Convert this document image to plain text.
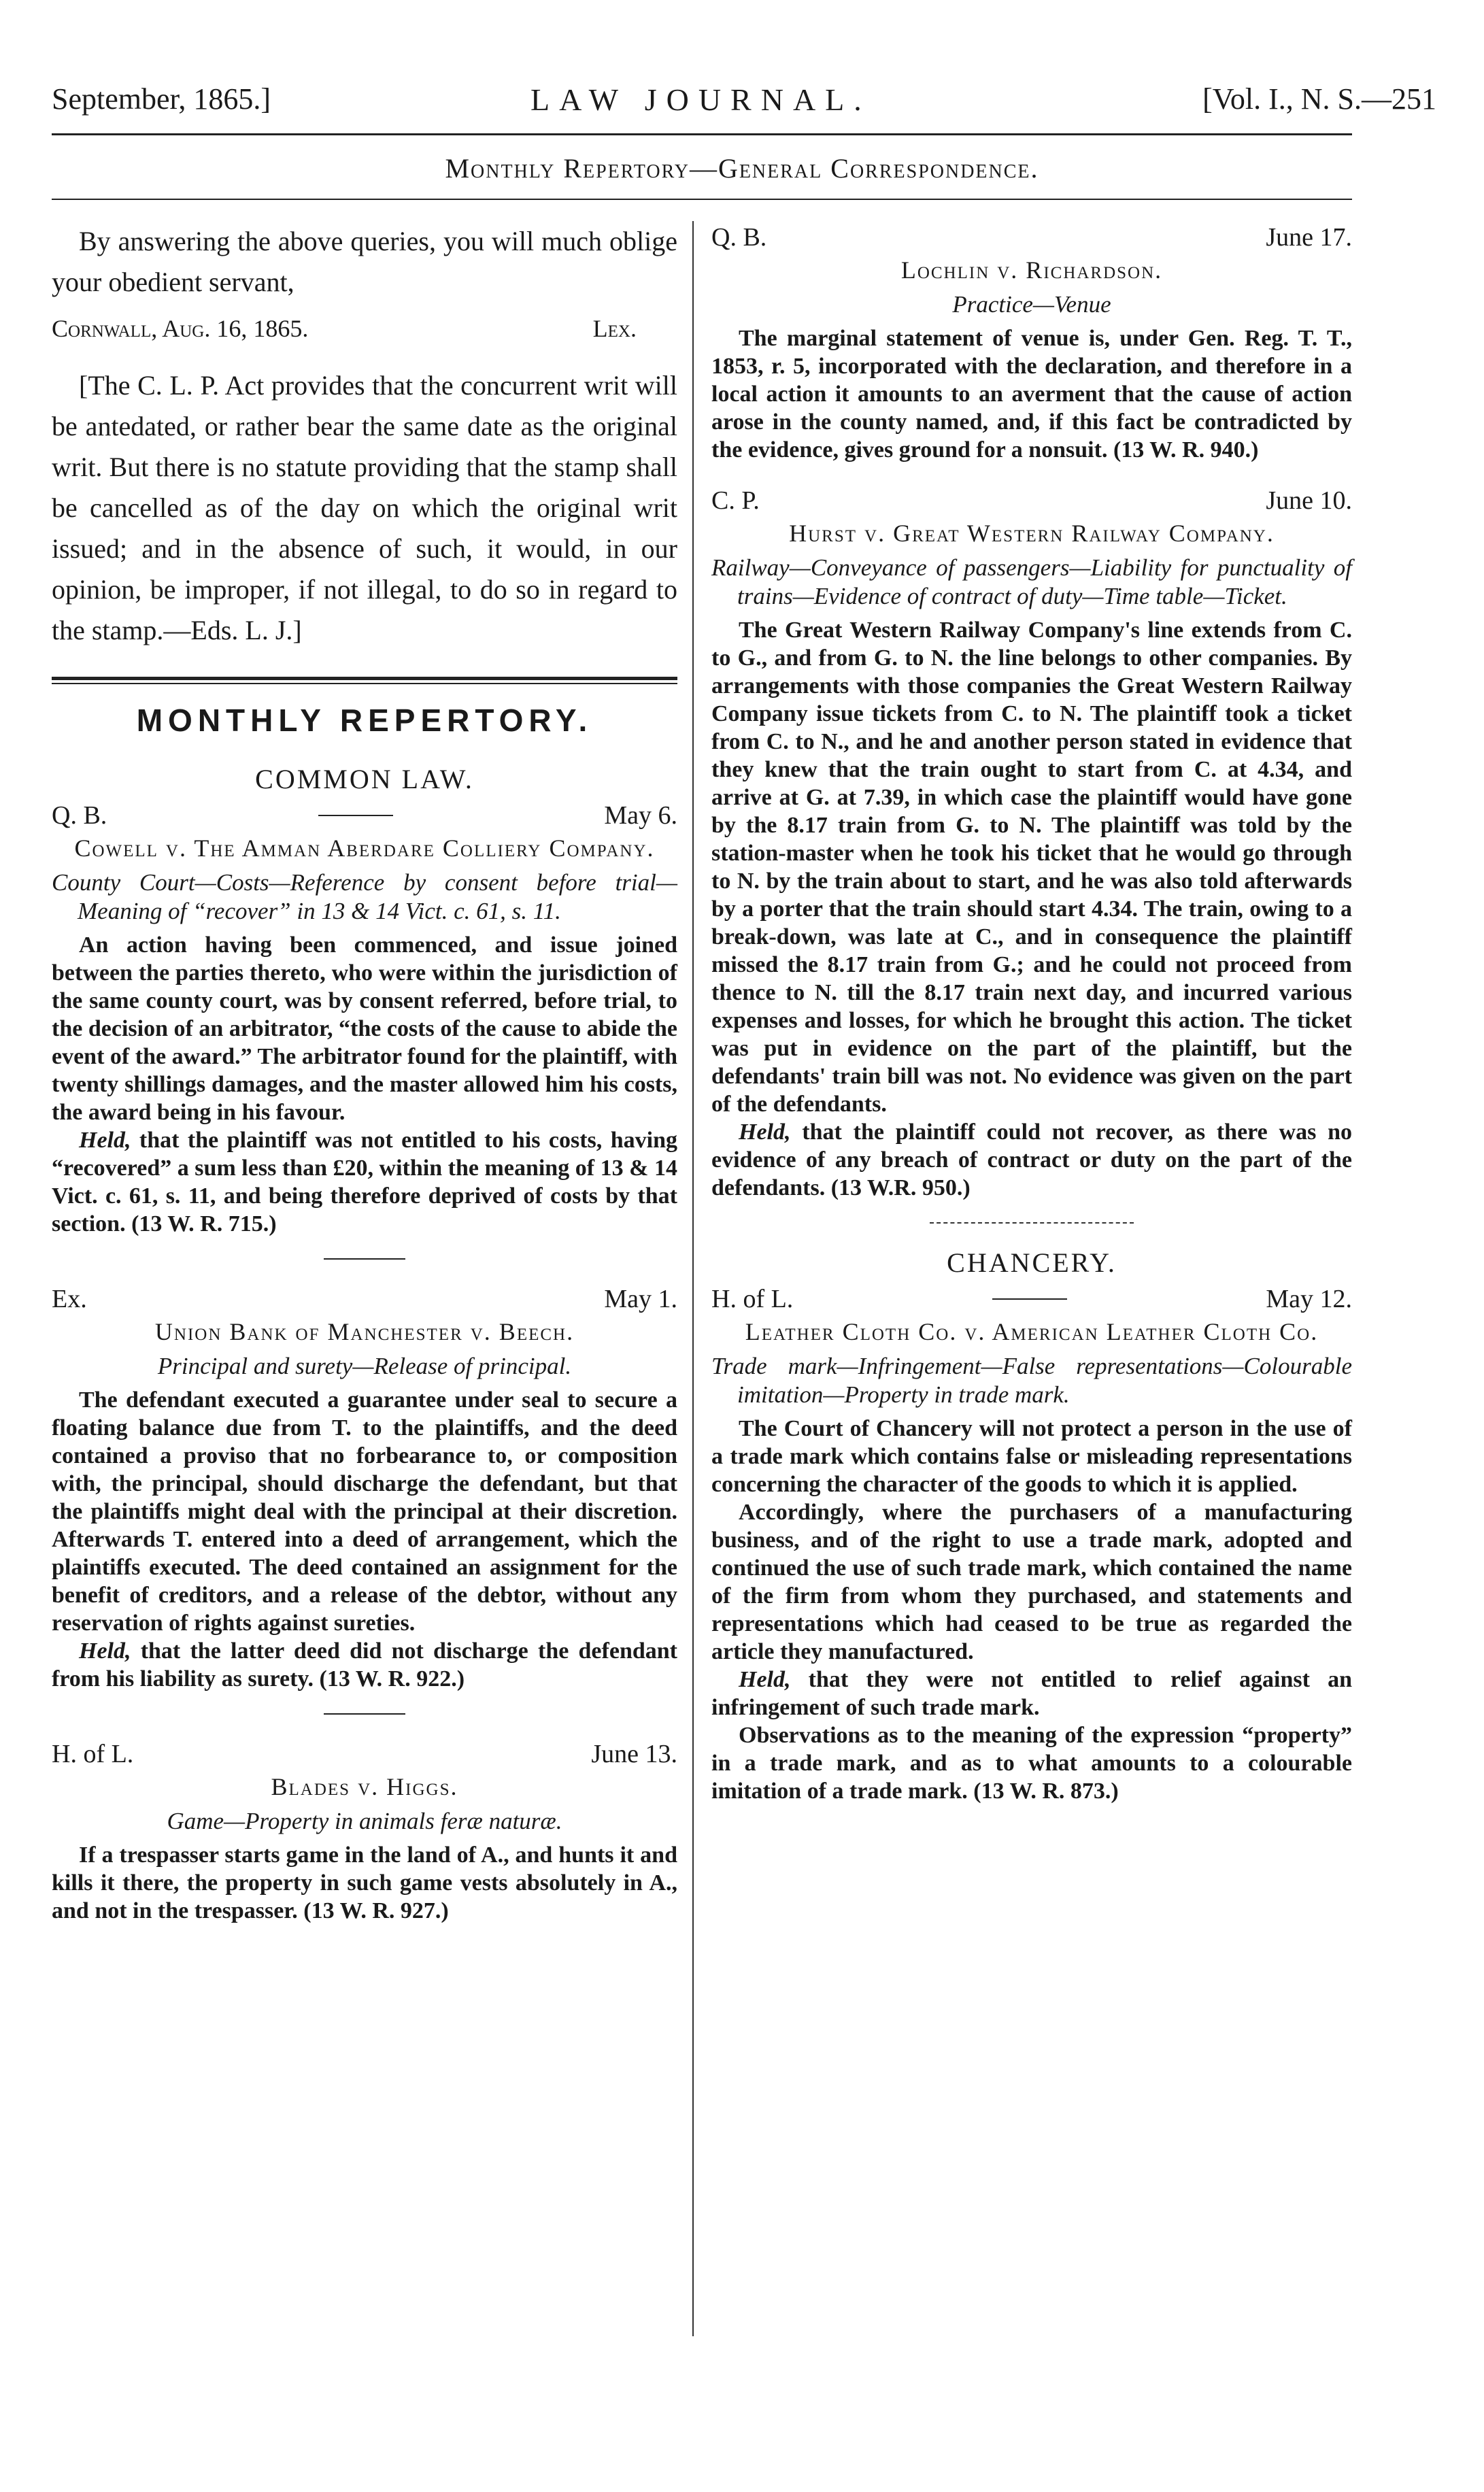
September, 1865.]	LAW JOURNAL.	[Vol. I., N. S.—251
Monthly Repertory—General Correspondence.

By answering the above queries, you will much oblige your obedient servant,

Cornwall, Aug. 16, 1865.	Lex.

[The C. L. P. Act provides that the concurrent writ will be antedated, or rather bear the same date as the original writ. But there is no statute providing that the stamp shall be cancelled as of the day on which the original writ issued; and in the absence of such, it would, in our opinion, be improper, if not illegal, to do so in regard to the stamp.—Eds. L. J.]

MONTHLY REPERTORY.
COMMON LAW.
Q. B.	May 6.
Cowell v. The Amman Aberdare Colliery Company.
County Court—Costs—Reference by consent before trial—Meaning of “recover” in 13 & 14 Vict. c. 61, s. 11.

An action having been commenced, and issue joined between the parties thereto, who were within the jurisdiction of the same county court, was by consent referred, before trial, to the decision of an arbitrator, “the costs of the cause to abide the event of the award.” The arbitrator found for the plaintiff, with twenty shillings damages, and the master allowed him his costs, the award being in his favour.

Held, that the plaintiff was not entitled to his costs, having “recovered” a sum less than £20, within the meaning of 13 & 14 Vict. c. 61, s. 11, and being therefore deprived of costs by that section. (13 W. R. 715.)

Ex.	May 1.
Union Bank of Manchester v. Beech.
Principal and surety—Release of principal.

The defendant executed a guarantee under seal to secure a floating balance due from T. to the plaintiffs, and the deed contained a proviso that no forbearance to, or composition with, the principal, should discharge the defendant, but that the plaintiffs might deal with the principal at their discretion. Afterwards T. entered into a deed of arrangement, which the plaintiffs executed. The deed contained an assignment for the benefit of creditors, and a release of the debtor, without any reservation of rights against sureties.

Held, that the latter deed did not discharge the defendant from his liability as surety. (13 W. R. 922.)

H. of L.	June 13.
Blades v. Higgs.
Game—Property in animals feræ naturæ.

If a trespasser starts game in the land of A., and hunts it and kills it there, the property in such game vests absolutely in A., and not in the trespasser. (13 W. R. 927.)

Q. B.	June 17.
Lochlin v. Richardson.
Practice—Venue

The marginal statement of venue is, under Gen. Reg. T. T., 1853, r. 5, incorporated with the declaration, and therefore in a local action it amounts to an averment that the cause of action arose in the county named, and, if this fact be contradicted by the evidence, gives ground for a nonsuit. (13 W. R. 940.)

C. P.	June 10.
Hurst v. Great Western Railway Company.
Railway—Conveyance of passengers—Liability for punctuality of trains—Evidence of contract of duty—Time table—Ticket.

The Great Western Railway Company's line extends from C. to G., and from G. to N. the line belongs to other companies. By arrangements with those companies the Great Western Railway Company issue tickets from C. to N. The plaintiff took a ticket from C. to N., and he and another person stated in evidence that they knew that the train ought to start from C. at 4.34, and arrive at G. at 7.39, in which case the plaintiff would have gone by the 8.17 train from G. to N. The plaintiff was told by the station-master when he took his ticket that he would go through to N. by the train about to start, and he was also told afterwards by a porter that the train should start 4.34. The train, owing to a break-down, was late at C., and in consequence the plaintiff missed the 8.17 train from G.; and he could not proceed from thence to N. till the 8.17 train next day, and incurred various expenses and losses, for which he brought this action. The ticket was put in evidence on the part of the plaintiff, but the defendants' train bill was not. No evidence was given on the part of the defendants.

Held, that the plaintiff could not recover, as there was no evidence of any breach of contract or duty on the part of the defendants. (13 W.R. 950.)

CHANCERY.
H. of L.	May 12.
Leather Cloth Co. v. American Leather Cloth Co.
Trade mark—Infringement—False representations—Colourable imitation—Property in trade mark.

The Court of Chancery will not protect a person in the use of a trade mark which contains false or misleading representations concerning the character of the goods to which it is applied.

Accordingly, where the purchasers of a manufacturing business, and of the right to use a trade mark, adopted and continued the use of such trade mark, which contained the name of the firm from whom they purchased, and statements and representations which had ceased to be true as regarded the article they manufactured.

Held, that they were not entitled to relief against an infringement of such trade mark.

Observations as to the meaning of the expression “property” in a trade mark, and as to what amounts to a colourable imitation of a trade mark. (13 W. R. 873.)
